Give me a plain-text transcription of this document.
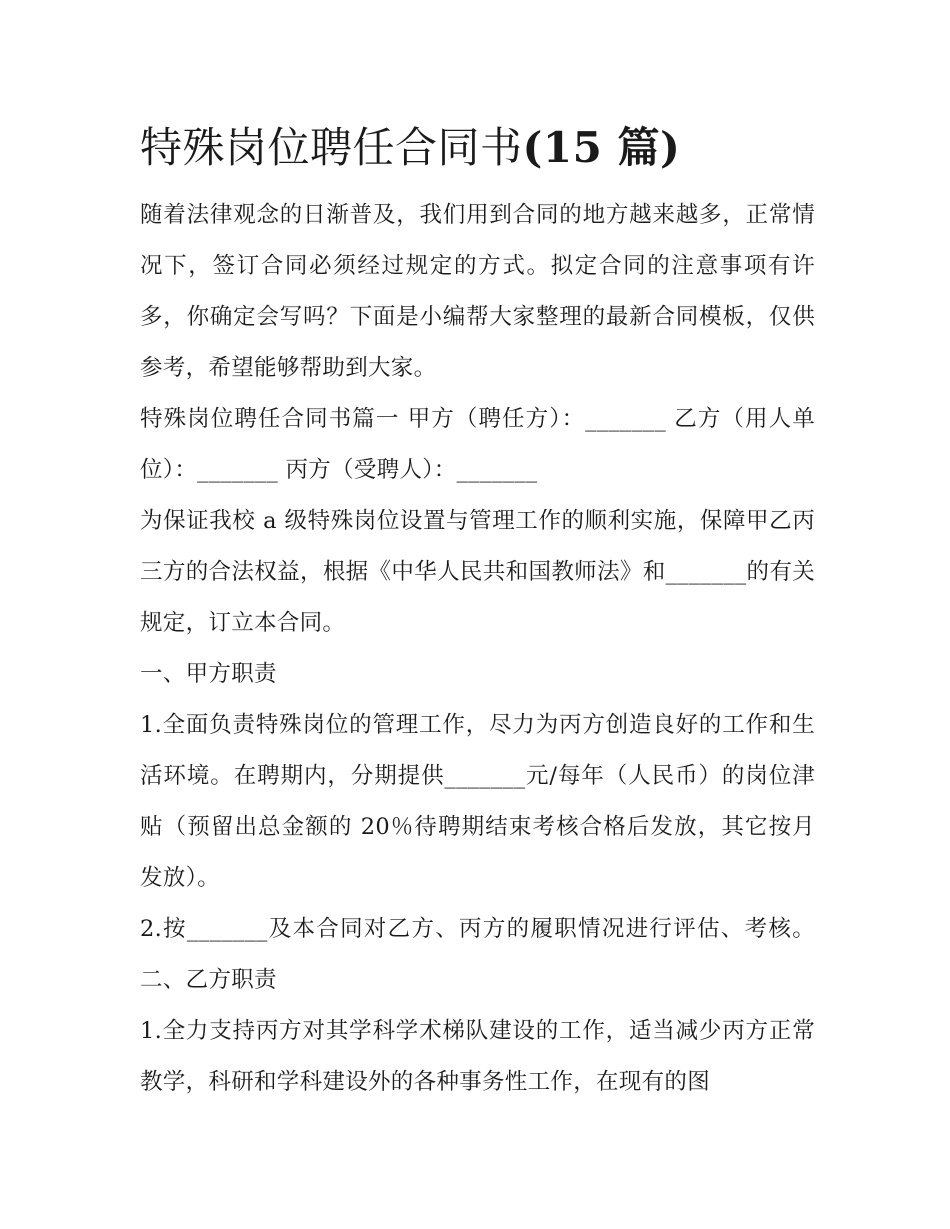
特殊岗位聘任合同书(15 篇)

随着法律观念的日渐普及，我们用到合同的地方越来越多，正常情况下，签订合同必须经过规定的方式。拟定合同的注意事项有许多，你确定会写吗？下面是小编帮大家整理的最新合同模板，仅供参考，希望能够帮助到大家。

特殊岗位聘任合同书篇一 甲方（聘任方）：_______ 乙方（用人单位）：_______ 丙方（受聘人）：_______

为保证我校 a 级特殊岗位设置与管理工作的顺利实施，保障甲乙丙三方的合法权益，根据《中华人民共和国教师法》和_______的有关规定，订立本合同。

一、甲方职责

1.全面负责特殊岗位的管理工作，尽力为丙方创造良好的工作和生活环境。在聘期内，分期提供_______元/每年（人民币）的岗位津贴（预留出总金额的 20％待聘期结束考核合格后发放，其它按月发放）。

2.按_______及本合同对乙方、丙方的履职情况进行评估、考核。 二、乙方职责

1.全力支持丙方对其学科学术梯队建设的工作，适当减少丙方正常教学，科研和学科建设外的各种事务性工作，在现有的图
